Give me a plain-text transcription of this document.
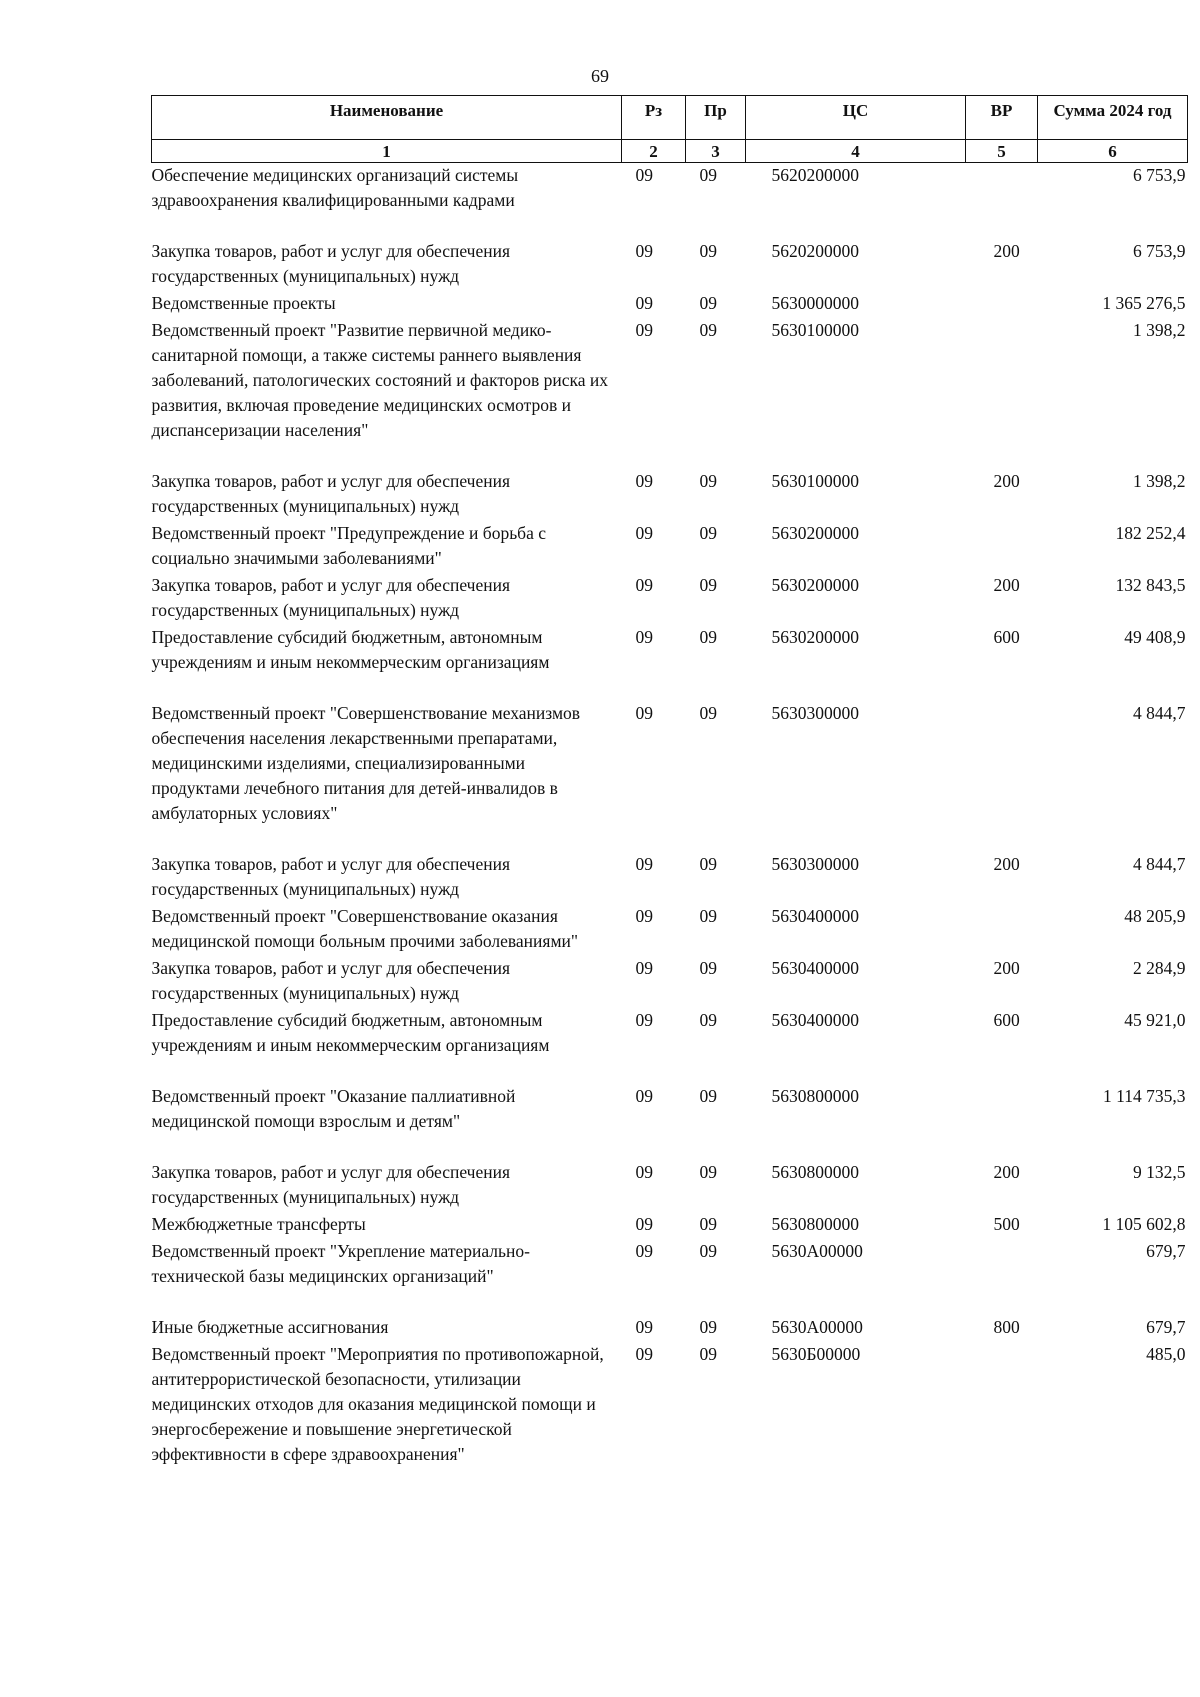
69
Наименование	Рз	Пр	ЦС	ВР	Сумма 2024 год
1	2	3	4	5	6
Обеспечение медицинских организаций системы здравоохранения квалифицированными кадрами	09	09	5620200000		6 753,9
Закупка товаров, работ и услуг для обеспечения государственных (муниципальных) нужд	09	09	5620200000	200	6 753,9
Ведомственные проекты	09	09	5630000000		1 365 276,5
Ведомственный проект "Развитие первичной медико-санитарной помощи, а также системы раннего выявления заболеваний, патологических состояний и факторов риска их развития, включая проведение медицинских осмотров и диспансеризации населения"	09	09	5630100000		1 398,2
Закупка товаров, работ и услуг для обеспечения государственных (муниципальных) нужд	09	09	5630100000	200	1 398,2
Ведомственный проект "Предупреждение и борьба с социально значимыми заболеваниями"	09	09	5630200000		182 252,4
Закупка товаров, работ и услуг для обеспечения государственных (муниципальных) нужд	09	09	5630200000	200	132 843,5
Предоставление субсидий бюджетным, автономным учреждениям и иным некоммерческим организациям	09	09	5630200000	600	49 408,9
Ведомственный проект "Совершенствование механизмов обеспечения населения лекарственными препаратами, медицинскими изделиями, специализированными продуктами лечебного питания для детей-инвалидов в амбулаторных условиях"	09	09	5630300000		4 844,7
Закупка товаров, работ и услуг для обеспечения государственных (муниципальных) нужд	09	09	5630300000	200	4 844,7
Ведомственный проект "Совершенствование оказания медицинской помощи больным прочими заболеваниями"	09	09	5630400000		48 205,9
Закупка товаров, работ и услуг для обеспечения государственных (муниципальных) нужд	09	09	5630400000	200	2 284,9
Предоставление субсидий бюджетным, автономным учреждениям и иным некоммерческим организациям	09	09	5630400000	600	45 921,0
Ведомственный проект "Оказание паллиативной медицинской помощи взрослым и детям"	09	09	5630800000		1 114 735,3
Закупка товаров, работ и услуг для обеспечения государственных (муниципальных) нужд	09	09	5630800000	200	9 132,5
Межбюджетные трансферты	09	09	5630800000	500	1 105 602,8
Ведомственный проект "Укрепление материально-технической базы медицинских организаций"	09	09	5630А00000		679,7
Иные бюджетные ассигнования	09	09	5630А00000	800	679,7
Ведомственный проект "Мероприятия по противопожарной, антитеррористической безопасности, утилизации медицинских отходов для оказания медицинской помощи и энергосбережение и повышение энергетической эффективности в сфере здравоохранения"	09	09	5630Б00000		485,0
